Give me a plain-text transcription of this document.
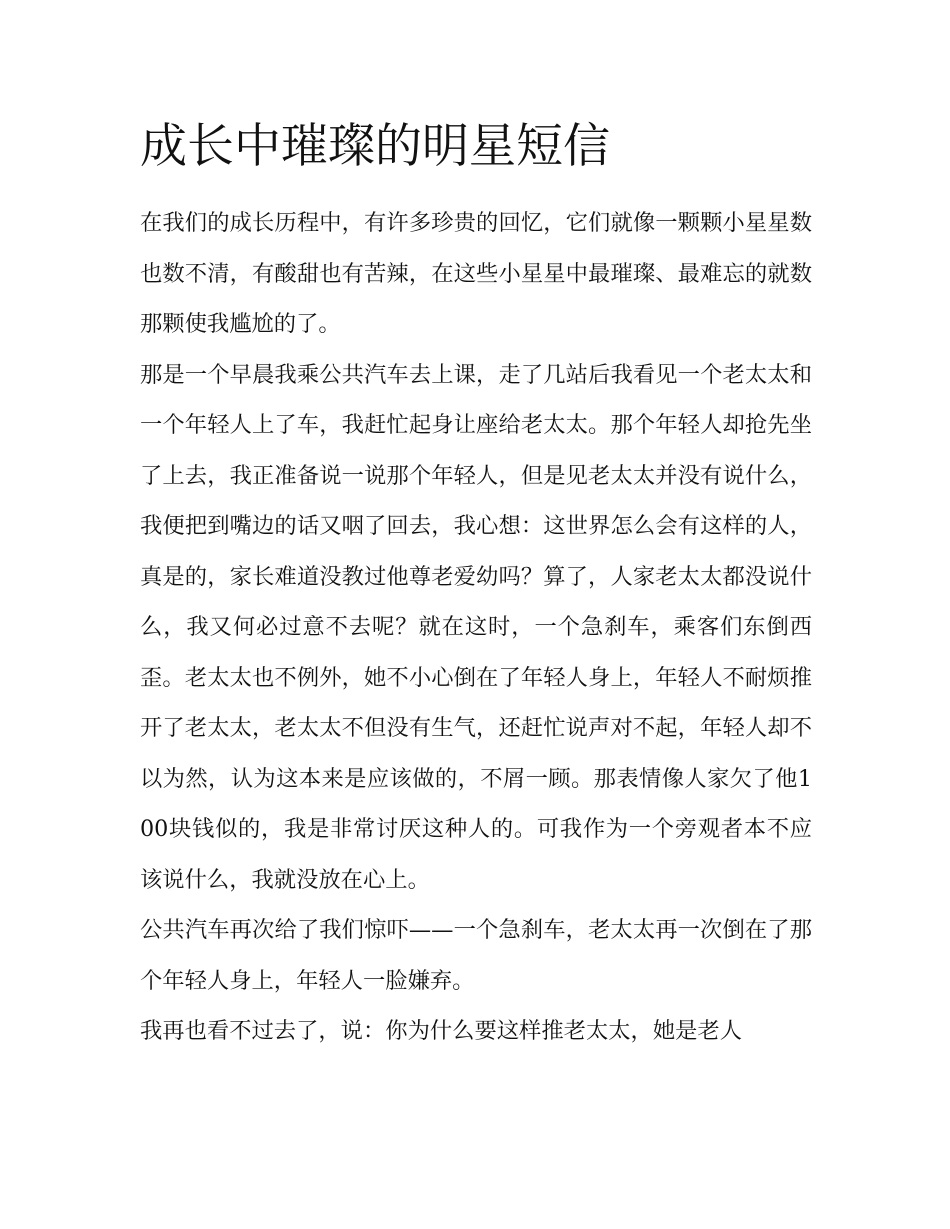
成长中璀璨的明星短信

在我们的成长历程中，有许多珍贵的回忆，它们就像一颗颗小星星数也数不清，有酸甜也有苦辣，在这些小星星中最璀璨、最难忘的就数那颗使我尴尬的了。

那是一个早晨我乘公共汽车去上课，走了几站后我看见一个老太太和一个年轻人上了车，我赶忙起身让座给老太太。那个年轻人却抢先坐了上去，我正准备说一说那个年轻人，但是见老太太并没有说什么，我便把到嘴边的话又咽了回去，我心想：这世界怎么会有这样的人，真是的，家长难道没教过他尊老爱幼吗？算了，人家老太太都没说什么，我又何必过意不去呢？就在这时，一个急刹车，乘客们东倒西歪。老太太也不例外，她不小心倒在了年轻人身上，年轻人不耐烦推开了老太太，老太太不但没有生气，还赶忙说声对不起，年轻人却不以为然，认为这本来是应该做的，不屑一顾。那表情像人家欠了他100块钱似的，我是非常讨厌这种人的。可我作为一个旁观者本不应该说什么，我就没放在心上。

公共汽车再次给了我们惊吓——一个急刹车，老太太再一次倒在了那个年轻人身上，年轻人一脸嫌弃。

我再也看不过去了，说：你为什么要这样推老太太，她是老人
